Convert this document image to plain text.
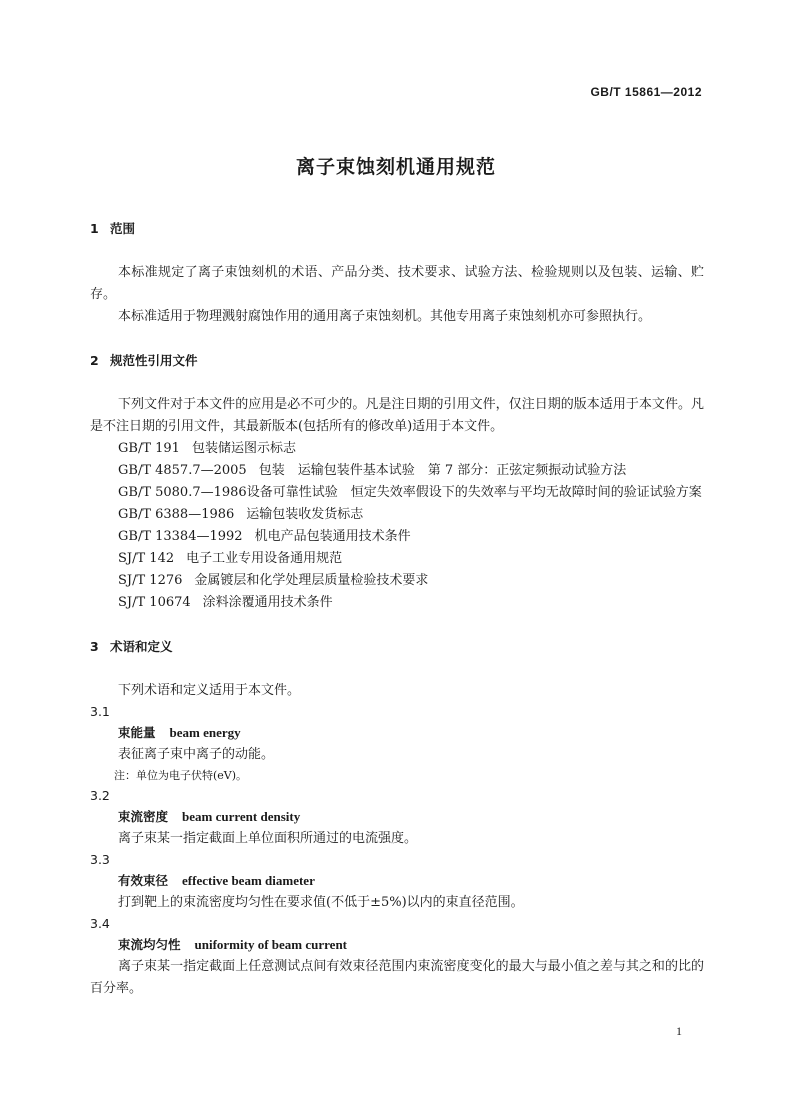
GB/T 15861—2012
离子束蚀刻机通用规范
1 范围
本标准规定了离子束蚀刻机的术语、产品分类、技术要求、试验方法、检验规则以及包装、运输、贮存。
本标准适用于物理溅射腐蚀作用的通用离子束蚀刻机。其他专用离子束蚀刻机亦可参照执行。
2 规范性引用文件
下列文件对于本文件的应用是必不可少的。凡是注日期的引用文件，仅注日期的版本适用于本文件。凡是不注日期的引用文件，其最新版本(包括所有的修改单)适用于本文件。
GB/T 191 包装储运图示标志
GB/T 4857.7—2005 包装　运输包装件基本试验　第 7 部分：正弦定频振动试验方法
GB/T 5080.7—1986设备可靠性试验　恒定失效率假设下的失效率与平均无故障时间的验证试验方案
GB/T 6388—1986 运输包装收发货标志
GB/T 13384—1992 机电产品包装通用技术条件
SJ/T 142 电子工业专用设备通用规范
SJ/T 1276 金属镀层和化学处理层质量检验技术要求
SJ/T 10674 涂料涂覆通用技术条件
3 术语和定义
下列术语和定义适用于本文件。
3.1
束能量 beam energy
表征离子束中离子的动能。
注：单位为电子伏特(eV)。
3.2
束流密度 beam current density
离子束某一指定截面上单位面积所通过的电流强度。
3.3
有效束径 effective beam diameter
打到靶上的束流密度均匀性在要求值(不低于±5%)以内的束直径范围。
3.4
束流均匀性 uniformity of beam current
离子束某一指定截面上任意测试点间有效束径范围内束流密度变化的最大与最小值之差与其之和的比的百分率。
1
